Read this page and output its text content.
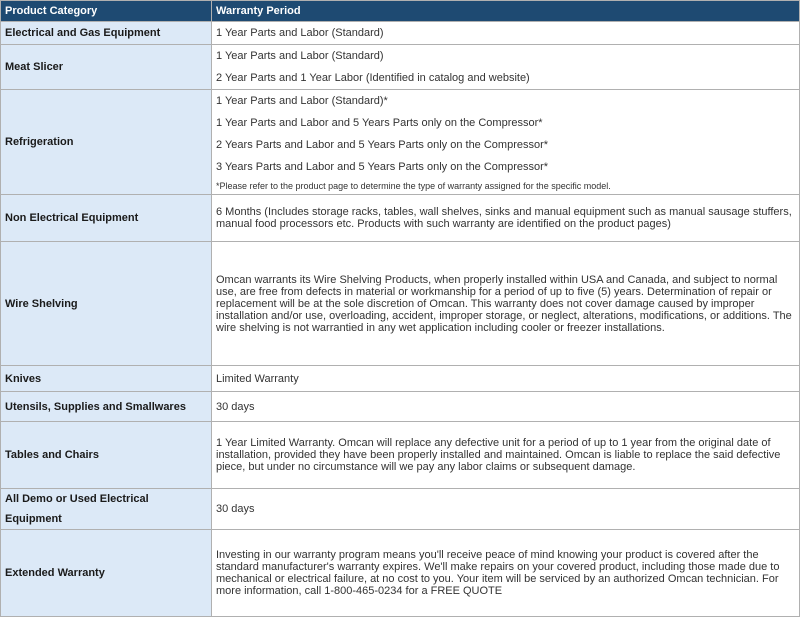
Product Category	Warranty Period
Electrical and Gas Equipment	1 Year Parts and Labor (Standard)

Meat Slicer	1 Year Parts and Labor (Standard)
2 Year Parts and 1 Year Labor (Identified in catalog and website)

Refrigeration	1 Year Parts and Labor (Standard)*
1 Year Parts and Labor and 5 Years Parts only on the Compressor*
2 Years Parts and Labor and 5 Years Parts only on the Compressor*
3 Years Parts and Labor and 5 Years Parts only on the Compressor*
*Please refer to the product page to determine the type of warranty assigned for the specific model.

Non Electrical Equipment	6 Months (Includes storage racks, tables, wall shelves, sinks and manual equipment such as manual sausage stuffers, manual food processors etc. Products with such warranty are identified on the product pages)
Wire Shelving	Omcan warrants its Wire Shelving Products, when properly installed within USA and Canada, and subject to normal use, are free from defects in material or workmanship for a period of up to five (5) years. Determination of repair or replacement will be at the sole discretion of Omcan. This warranty does not cover damage caused by improper installation and/or use, overloading, accident, improper storage, or neglect, alterations, modifications, or additions. The wire shelving is not warrantied in any wet application including cooler or freezer installations.
Knives	Limited Warranty
Utensils, Supplies and Smallwares	30 days
Tables and Chairs	1 Year Limited Warranty. Omcan will replace any defective unit for a period of up to 1 year from the original date of installation, provided they have been properly installed and maintained. Omcan is liable to replace the said defective piece, but under no circumstance will we pay any labor claims or subsequent damage.
All Demo or Used Electrical Equipment	30 days
Extended Warranty	Investing in our warranty program means you'll receive peace of mind knowing your product is covered after the standard manufacturer's warranty expires. We'll make repairs on your covered product, including those made due to mechanical or electrical failure, at no cost to you. Your item will be serviced by an authorized Omcan technician. For more information, call 1-800-465-0234 for a FREE QUOTE
